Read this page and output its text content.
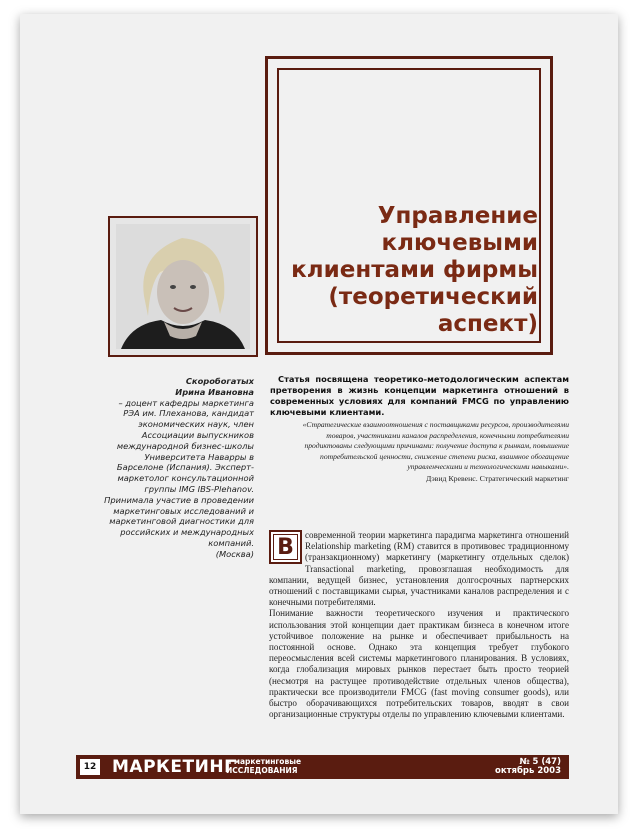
Управление
ключевыми
клиентами фирмы
(теоретический
аспект)
Скоробогатых
Ирина Ивановна
– доцент кафедры маркетинга РЭА им. Плеханова, кандидат экономических наук, член Ассоциации выпускников международной бизнес-школы Университета Наварры в Барселоне (Испания). Эксперт-маркетолог консультационной группы IMG IBS-Plehanov. Принимала участие в проведении маркетинговых исследований и маркетинговой диагностики для российских и международных компаний.
(Москва)
Статья посвящена теоретико-методологическим аспектам претворения в жизнь концепции маркетинга отношений в современных условиях для компаний FMCG по управлению ключевыми клиентами.
«Стратегические взаимоотношения с поставщиками ресурсов, производителями товаров, участниками каналов распределения, конечными потребителями продиктованы следующими причинами: получение доступа к рынкам, повышение потребительской ценности, снижение степени риска, взаимное обогащение управленческими и технологическими навыками».
Дэвид Кревенс. Стратегический маркетинг

современной теории маркетинга парадигма маркетинга отношений Relationship marketing (RM) ставится в противовес традиционному (транзакционному) маркетингу (маркетингу отдельных сделок) Transactional marketing, провозглашая необходимость для компании, ведущей бизнес, установления долгосрочных партнерских отношений с поставщиками сырья, участниками каналов распределения и с конечными потребителями.

Понимание важности теоретического изучения и практического использования этой концепции дает практикам бизнеса в конечном итоге устойчивое положение на рынке и обеспечивает прибыльность на постоянной основе. Однако эта концепция требует глубокого переосмысления всей системы маркетингового планирования. В условиях, когда глобализация мировых рынков перестает быть просто теорией (несмотря на растущее противодействие отдельных членов общества), практически все производители FMCG (fast moving consumer goods), или быстро оборачивающихся потребительских товаров, вводят в свои организационные структуры отделы по управлению ключевыми клиентами.

В
12 МАРКЕТИНГ
и маркетинговые
ИССЛЕДОВАНИЯ
№ 5 (47)
октябрь 2003
